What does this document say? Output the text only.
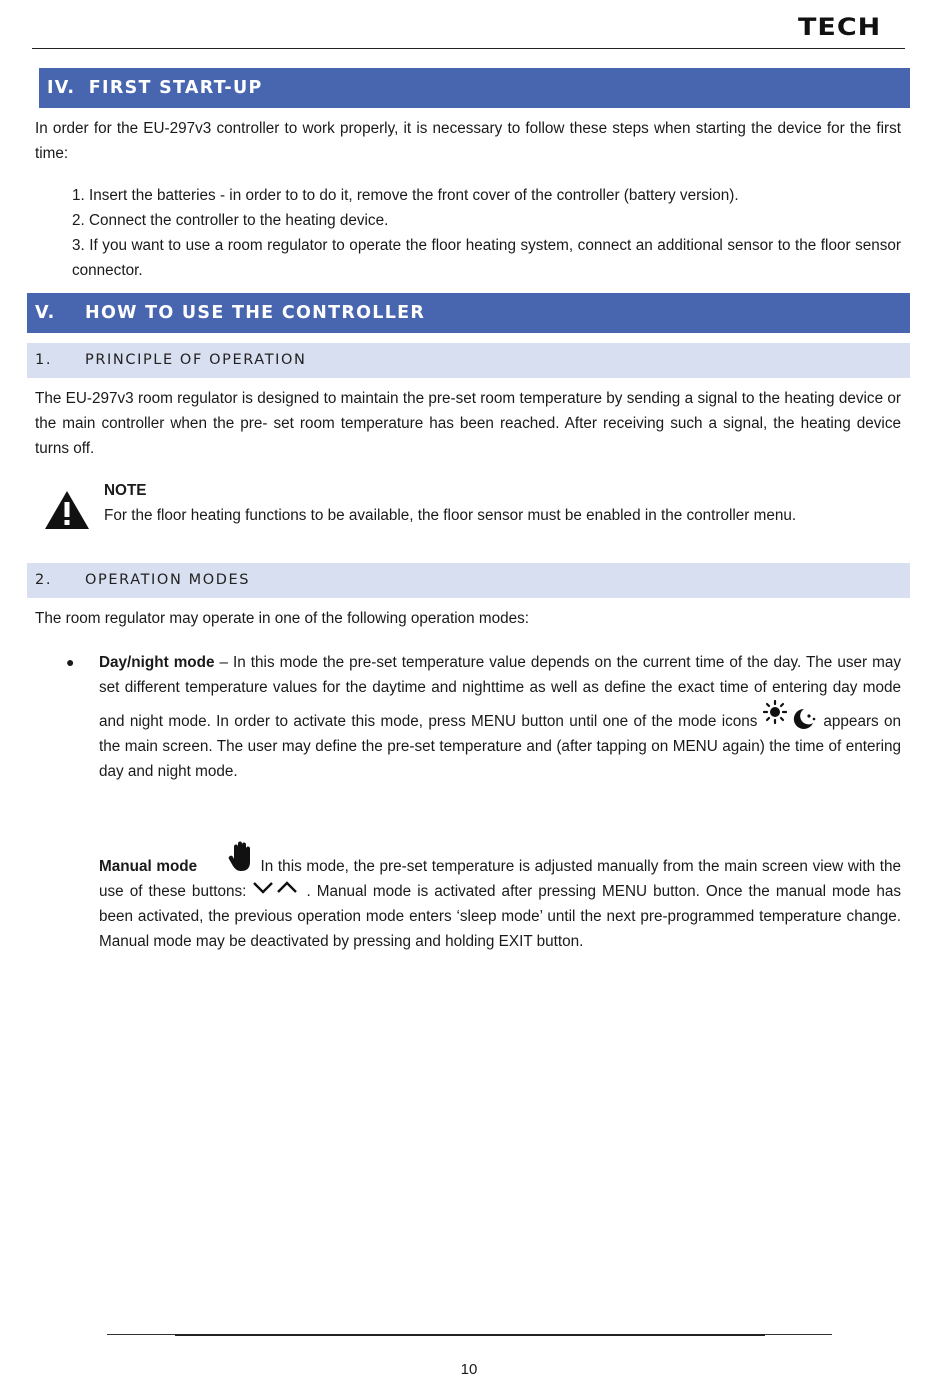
TECH
IV. FIRST START-UP
In order for the EU-297v3 controller to work properly, it is necessary to follow these steps when starting the device for the first time:
1. Insert the batteries - in order to to do it, remove the front cover of the controller (battery version).
2. Connect the controller to the heating device.
3. If you want to use a room regulator to operate the floor heating system, connect an additional sensor to the floor sensor connector.
V. HOW TO USE THE CONTROLLER
1. PRINCIPLE OF OPERATION
The EU-297v3 room regulator is designed to maintain the pre-set room temperature by sending a signal to the heating device or the main controller when the pre- set room temperature has been reached. After receiving such a signal, the heating device turns off.
NOTE
For the floor heating functions to be available, the floor sensor must be enabled in the controller menu.
2. OPERATION MODES
The room regulator may operate in one of the following operation modes:
● Day/night mode – In this mode the pre-set temperature value depends on the current time of the day. The user may set different temperature values for the daytime and nighttime as well as define the exact time of entering day mode and night mode. In order to activate this mode, press MENU button until one of the mode icons	appears on the main screen. The user may define the pre-set temperature and (after tapping on MENU again) the time of entering day and night mode.
Manual mode	In this mode, the pre-set temperature is adjusted manually from the main screen view with the use of these buttons:	. Manual mode is activated after pressing MENU button. Once the manual mode has been activated, the previous operation mode enters ‘sleep mode’ until the next pre-programmed temperature change. Manual mode may be deactivated by pressing and holding EXIT button.
10
